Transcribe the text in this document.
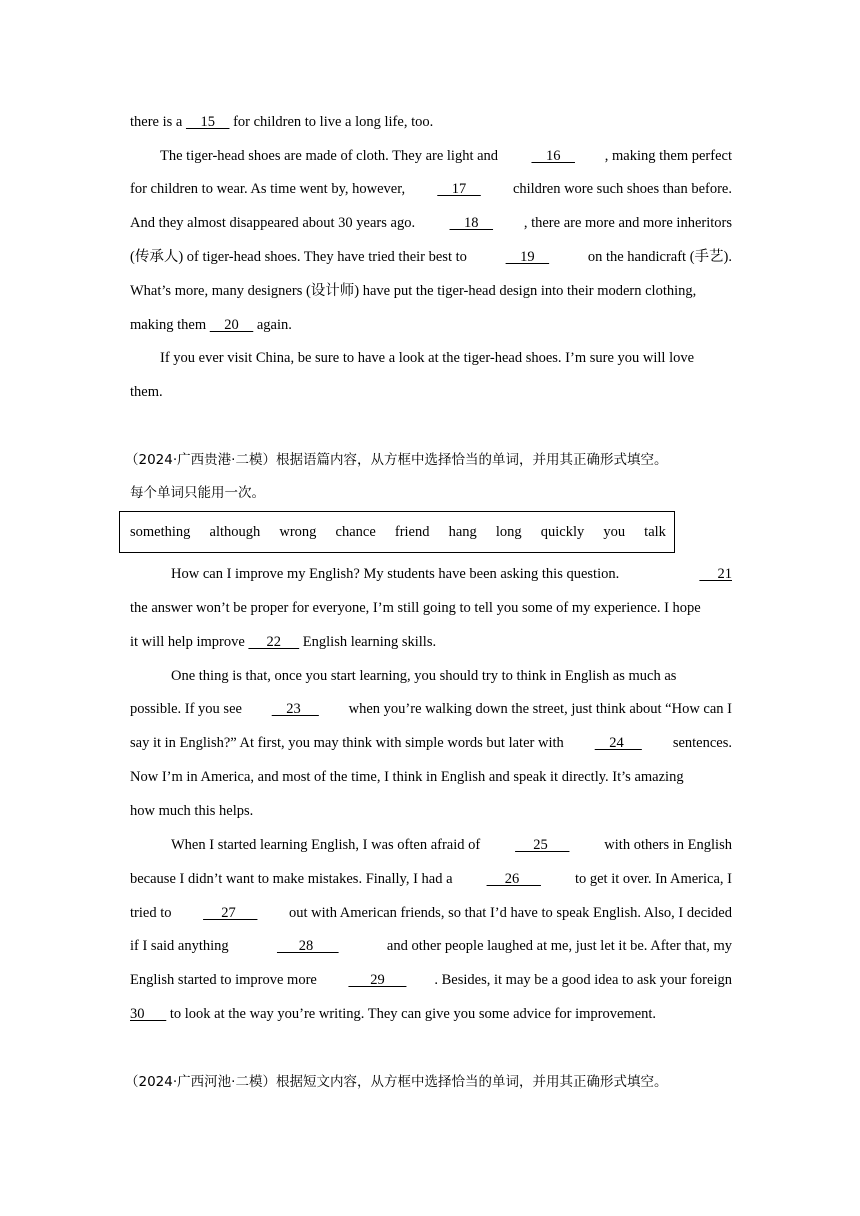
there is a     15     for children to live a long life, too.
The tiger-head shoes are made of cloth. They are light and 16 , making them perfect
for children to wear. As time went by, however, 17 children wore such shoes than before.
And they almost disappeared about 30 years ago. 18 , there are more and more inheritors
(传承人) of tiger-head shoes. They have tried their best to 19 on the handicraft (手艺).
What’s more, many designers (设计师) have put the tiger-head design into their modern clothing,
making them     20     again.
If you ever visit China, be sure to have a look at the tiger-head shoes. I’m sure you will love
them.
（2024·广西贵港·二模）根据语篇内容，从方框中选择恰当的单词，并用其正确形式填空。
每个单词只能用一次。
something although wrong chance friend hang long quickly you talk
How can I improve my English? My students have been asking this question.	21
the answer won’t be proper for everyone, I’m still going to tell you some of my experience. I hope
it will help improve      22      English learning skills.
One thing is that, once you start learning, you should try to think in English as much as
possible. If you see 23 when you’re walking down the street, just think about “How can I
say it in English?” At first, you may think with simple words but later with 24 sentences.
Now I’m in America, and most of the time, I think in English and speak it directly. It’s amazing
how much this helps.
When I started learning English, I was often afraid of 25 with others in English
because I didn’t want to make mistakes. Finally, I had a 26 to get it over. In America, I
tried to 27 out with American friends, so that I’d have to speak English. Also, I decided
if I said anything	28	and other people laughed at me, just let it be. After that, my
English started to improve more 29 . Besides, it may be a good idea to ask your foreign
30       to look at the way you’re writing. They can give you some advice for improvement.
（2024·广西河池·二模）根据短文内容，从方框中选择恰当的单词，并用其正确形式填空。
